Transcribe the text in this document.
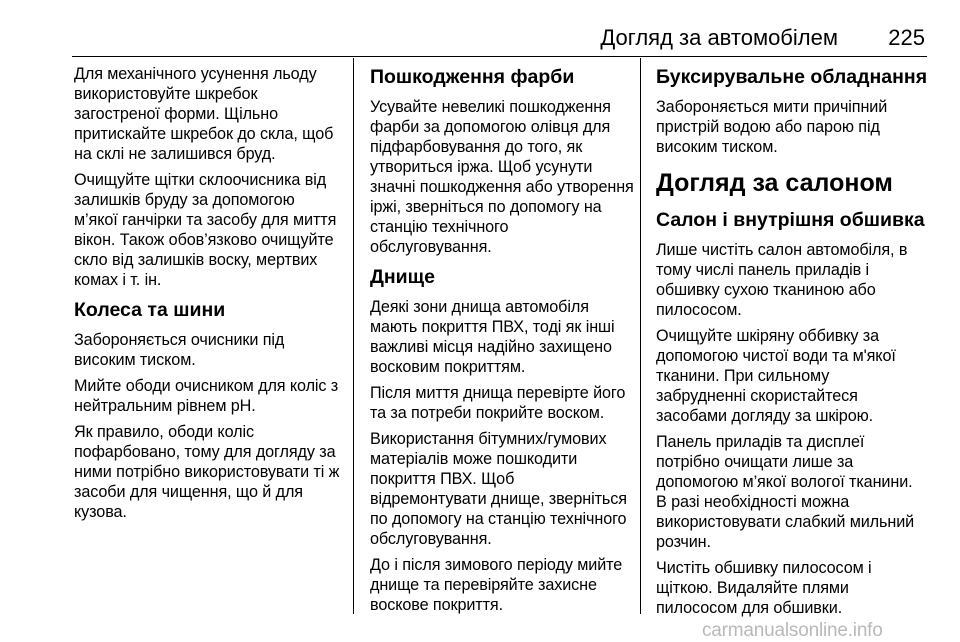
Догляд за автомобілем 225

Для механічного усунення льоду
використовуйте шкребок
загостреної форми. Щільно
притискайте шкребок до скла, щоб
на склі не залишився бруд.

Очищуйте щітки склоочисника від
залишків бруду за допомогою
м’якої ганчірки та засобу для миття
вікон. Також обов’язково очищуйте
скло від залишків воску, мертвих
комах і т. ін.

Колеса та шини

Забороняється очисники під
високим тиском.

Мийте ободи очисником для коліс з
нейтральним рівнем pH.

Як правило, ободи коліс
пофарбовано, тому для догляду за
ними потрібно використовувати ті ж
засоби для чищення, що й для
кузова.

Пошкодження фарби

Усувайте невеликі пошкодження
фарби за допомогою олівця для
підфарбовування до того, як
утвориться іржа. Щоб усунути
значні пошкодження або утворення
іржі, зверніться по допомогу на
станцію технічного
обслуговування.

Днище

Деякі зони днища автомобіля
мають покриття ПВХ, тоді як інші
важливі місця надійно захищено
восковим покриттям.

Після миття днища перевірте його
та за потреби покрийте воском.

Використання бітумних/гумових
матеріалів може пошкодити
покриття ПВХ. Щоб
відремонтувати днище, зверніться
по допомогу на станцію технічного
обслуговування.

До і після зимового періоду мийте
днище та перевіряйте захисне
воскове покриття.

Буксирувальне обладнання

Забороняється мити причіпний
пристрій водою або парою під
високим тиском.

Догляд за салоном
Салон і внутрішня обшивка

Лише чистіть салон автомобіля, в
тому числі панель приладів і
обшивку сухою тканиною або
пилососом.

Очищуйте шкіряну оббивку за
допомогою чистої води та м'якої
тканини. При сильному
забрудненні скористайтеся
засобами догляду за шкірою.

Панель приладів та дисплеї
потрібно очищати лише за
допомогою м’якої вологої тканини.
В разі необхідності можна
використовувати слабкий мильний
розчин.

Чистіть обшивку пилососом і
щіткою. Видаляйте плями
пилососом для обшивки.

carmanualsonline.info
